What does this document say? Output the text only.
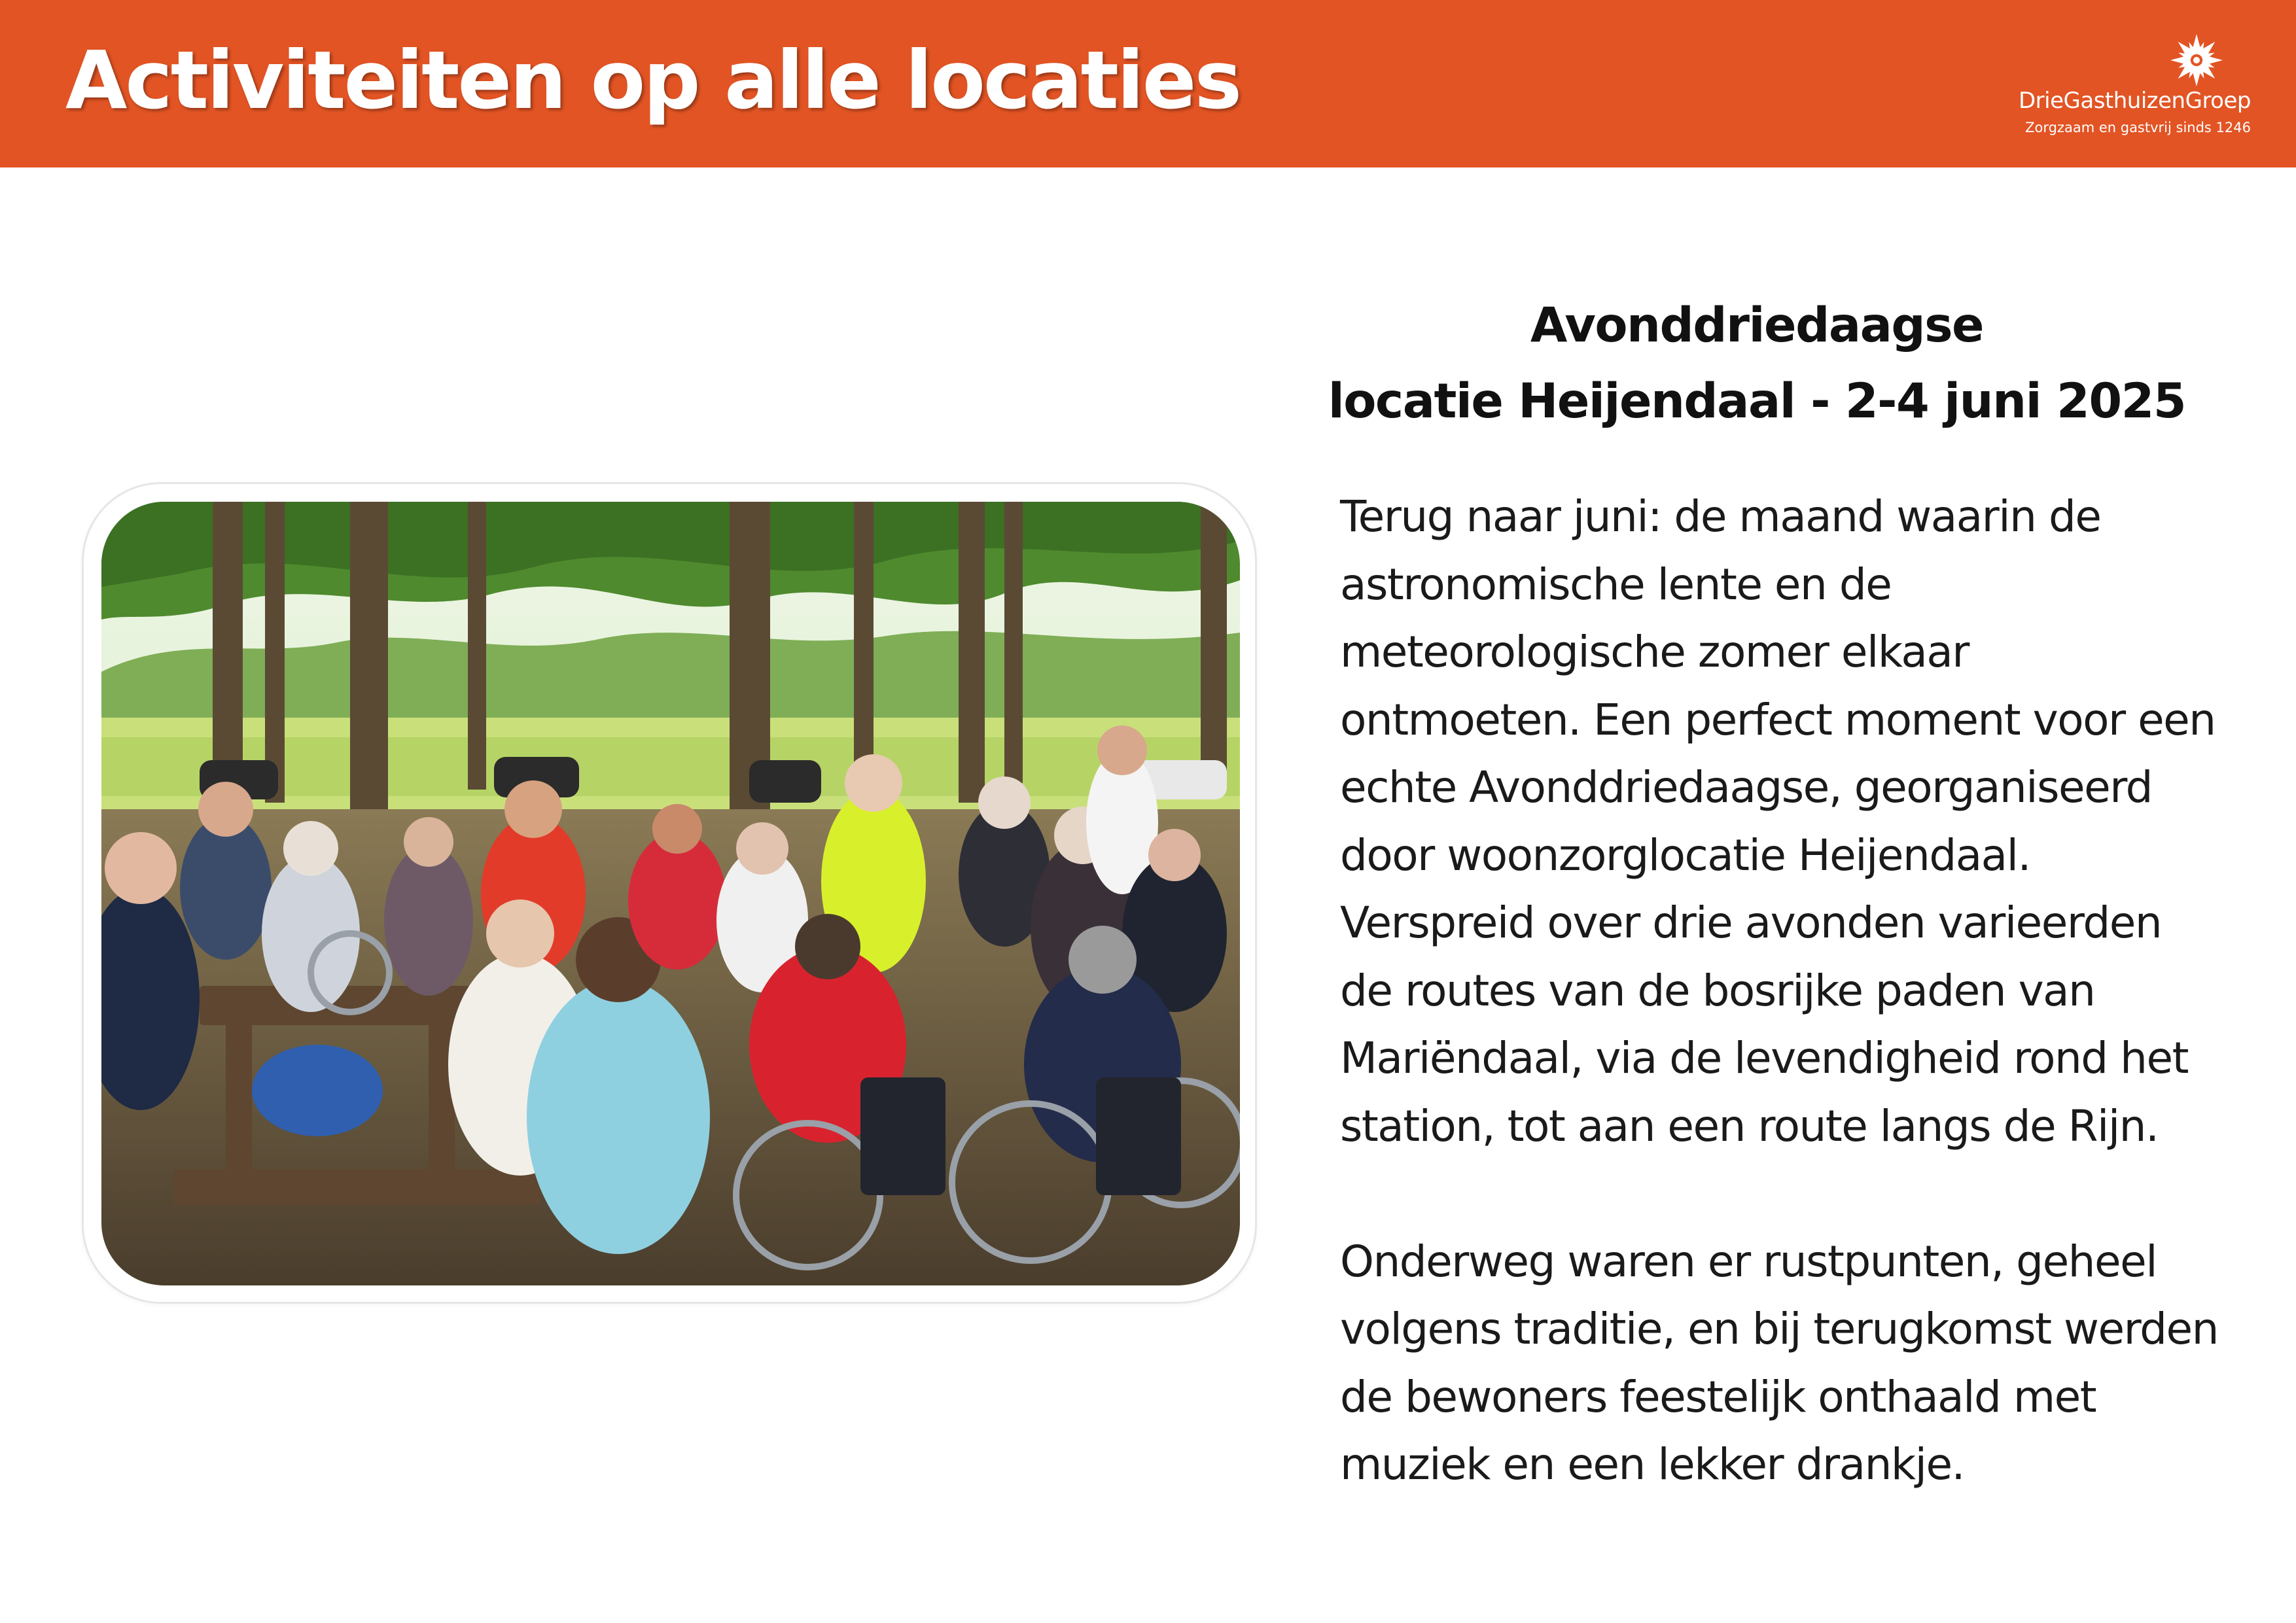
Activiteiten op alle locaties	DrieGasthuizenGroep
Zorgzaam en gastvrij sinds 1246
Avonddriedaagse
locatie Heijendaal - 2-4 juni 2025
Terug naar juni: de maand waarin de
astronomische lente en de
meteorologische zomer elkaar
ontmoeten. Een perfect moment voor een
echte Avonddriedaagse, georganiseerd
door woonzorglocatie Heijendaal.
Verspreid over drie avonden varieerden
de routes van de bosrijke paden van
Mariëndaal, via de levendigheid rond het
station, tot aan een route langs de Rijn.
Onderweg waren er rustpunten, geheel
volgens traditie, en bij terugkomst werden
de bewoners feestelijk onthaald met
muziek en een lekker drankje.
